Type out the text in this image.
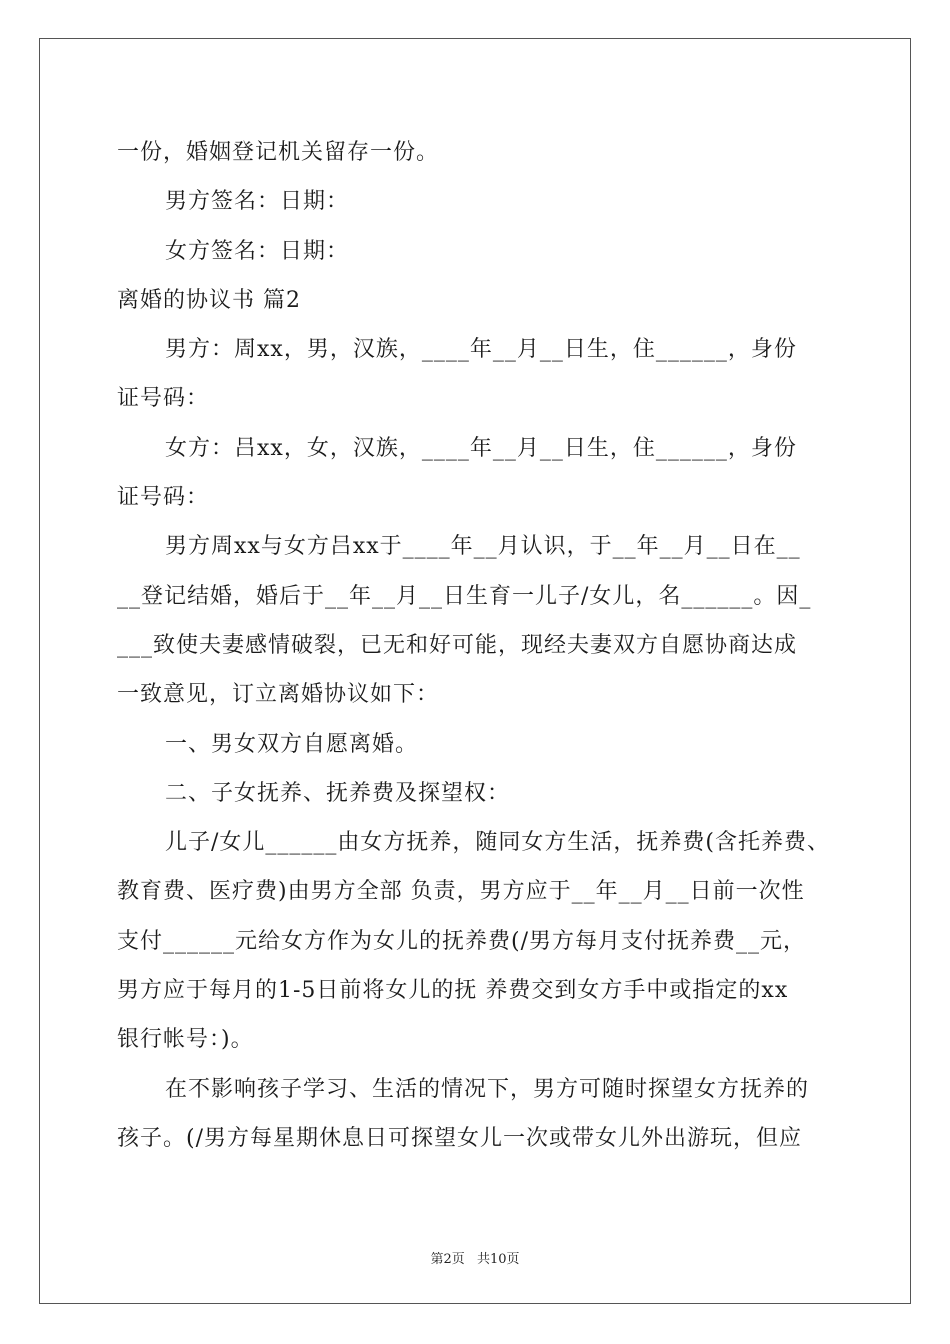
一份，婚姻登记机关留存一份。
男方签名：日期：
女方签名：日期：
离婚的协议书 篇2
男方：周xx，男，汉族，____年__月__日生，住______，身份
证号码：
女方：吕xx，女，汉族，____年__月__日生，住______，身份
证号码：
男方周xx与女方吕xx于____年__月认识，于__年__月__日在__
__登记结婚，婚后于__年__月__日生育一儿子/女儿，名______。因_
___致使夫妻感情破裂，已无和好可能，现经夫妻双方自愿协商达成
一致意见，订立离婚协议如下：
一、男女双方自愿离婚。
二、子女抚养、抚养费及探望权：
儿子/女儿______由女方抚养，随同女方生活，抚养费(含托养费、
教育费、医疗费)由男方全部 负责，男方应于__年__月__日前一次性
支付______元给女方作为女儿的抚养费(/男方每月支付抚养费__元，
男方应于每月的1-5日前将女儿的抚 养费交到女方手中或指定的xx
银行帐号：)。
在不影响孩子学习、生活的情况下，男方可随时探望女方抚养的
孩子。(/男方每星期休息日可探望女儿一次或带女儿外出游玩，但应
第2页 共10页
